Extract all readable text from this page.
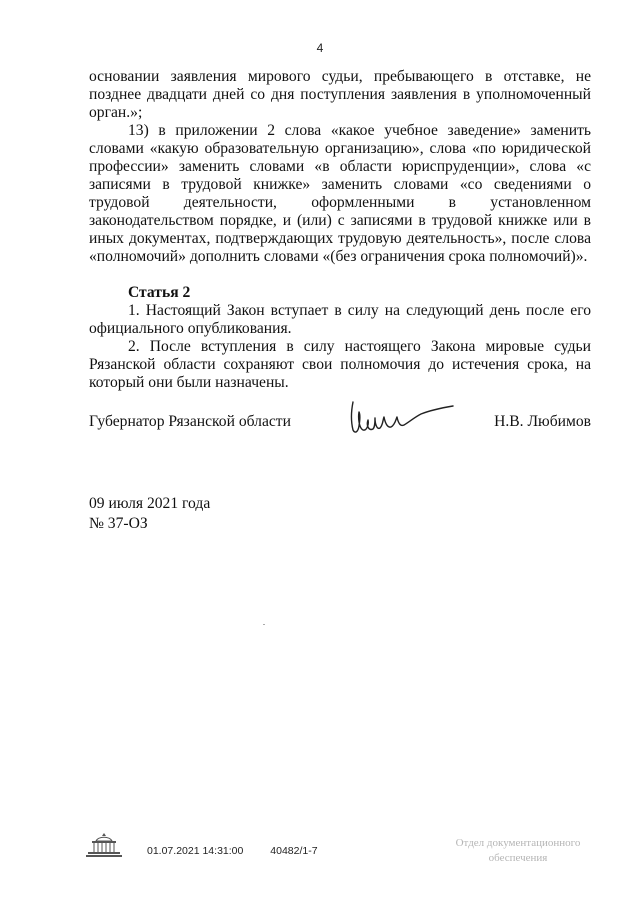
4

основании заявления мирового судьи, пребывающего в отставке, не позднее двадцати дней со дня поступления заявления в уполномоченный орган.»;

13) в приложении 2 слова «какое учебное заведение» заменить словами «какую образовательную организацию», слова «по юридической профессии» заменить словами «в области юриспруденции», слова «с записями в трудовой книжке» заменить словами «со сведениями о трудовой деятельности, оформленными в установленном законодательством порядке, и (или) с записями в трудовой книжке или в иных документах, подтверждающих трудовую деятельность», после слова «полномочий» дополнить словами «(без ограничения срока полномочий)».

Статья 2

1. Настоящий Закон вступает в силу на следующий день после его официального опубликования.

2. После вступления в силу настоящего Закона мировые судьи Рязанской области сохраняют свои полномочия до истечения срока, на который они были назначены.

Губернатор Рязанской области	Н.В. Любимов
09 июля 2021 года
№ 37-ОЗ
01.07.2021 14:31:00	40482/1-7
Отдел документационного
обеспечения
